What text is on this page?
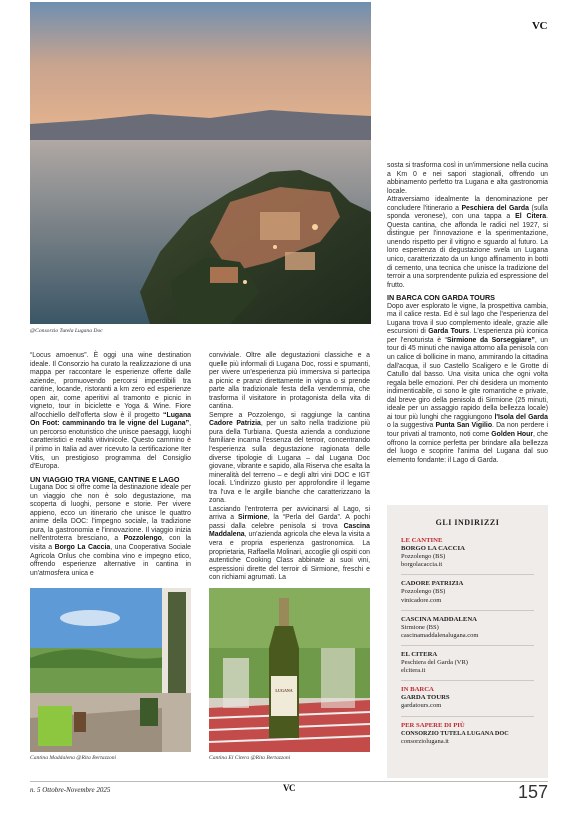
VC
@Consorzio Tutela Lugana Doc

sosta si trasforma così in un'immersione nella cucina a Km 0 e nei sapori stagionali, offrendo un abbinamento perfetto tra Lugana e alta gastronomia locale.

Attraversiamo idealmente la denominazione per concludere l'itinerario a Peschiera del Garda (sulla sponda veronese), con una tappa a El Citera. Questa cantina, che affonda le radici nel 1927, si distingue per l'innovazione e la sperimentazione, unendo rispetto per il vitigno e sguardo al futuro. La loro esperienza di degustazione svela un Lugana unico, caratterizzato da un lungo affinamento in botti di cemento, una tecnica che unisce la tradizione del terroir a una sorprendente pulizia ed espressione del frutto.

IN BARCA CON GARDA TOURS

Dopo aver esplorato le vigne, la prospettiva cambia, ma il calice resta. Ed è sul lago che l'esperienza del Lugana trova il suo complemento ideale, grazie alle escursioni di Garda Tours. L'esperienza più iconica per l'enoturista è “Sirmione da Sorseggiare”, un tour di 45 minuti che naviga attorno alla penisola con un calice di bollicine in mano, ammirando la cittadina dall'acqua, il suo Castello Scaligero e le Grotte di Catullo dal basso. Una visita unica che ogni volta regala belle emozioni. Per chi desidera un momento indimenticabile, ci sono le gite romantiche e private, dal breve giro della penisola di Sirmione (25 minuti, ideale per un assaggio rapido della bellezza locale) ai tour più lunghi che raggiungono l'Isola del Garda o la suggestiva Punta San Vigilio. Da non perdere i tour privati al tramonto, noti come Golden Hour, che offrono la cornice perfetta per brindare alla bellezza del luogo e scoprire l'anima del Lugana dal suo elemento fondante: il Lago di Garda.

“Locus amoenus”. È oggi una wine destination ideale. Il Consorzio ha curato la realizzazione di una mappa per raccontare le esperienze offerte dalle aziende, promuovendo percorsi imperdibili tra cantine, locande, ristoranti a km zero ed esperienze open air, come aperitivi al tramonto e picnic in vigneto, tour in biciclette e Yoga & Wine. Fiore all'occhiello dell'offerta slow è il progetto “Lugana On Foot: camminando tra le vigne del Lugana”, un percorso enoturistico che unisce paesaggi, luoghi caratteristici e realtà vitivinicole. Questo cammino è il primo in Italia ad aver ricevuto la certificazione Iter Vitis, un prestigioso programma del Consiglio d'Europa.

UN VIAGGIO TRA VIGNE, CANTINE E LAGO

Lugana Doc si offre come la destinazione ideale per un viaggio che non è solo degustazione, ma scoperta di luoghi, persone e storie. Per vivere appieno, ecco un itinerario che unisce le quattro anime della DOC: l'impegno sociale, la tradizione pura, la gastronomia e l'innovazione. Il viaggio inizia nell'entroterra bresciano, a Pozzolengo, con la visita a Borgo La Caccia, una Cooperativa Sociale Agricola Onlus che combina vino e impegno etico, offrendo esperienze alternative in cantina in un'atmosfera unica e

conviviale. Oltre alle degustazioni classiche e a quelle più informali di Lugana Doc, rossi e spumanti, per vivere un'esperienza più immersiva si partecipa a picnic e pranzi direttamente in vigna o si prende parte alla tradizionale festa della vendemmia, che trasforma il visitatore in protagonista della vita di cantina.

Sempre a Pozzolengo, si raggiunge la cantina Cadore Patrizia, per un salto nella tradizione più pura della Turbiana. Questa azienda a conduzione familiare incarna l'essenza del terroir, concentrando l'esperienza sulla degustazione ragionata delle diverse tipologie di Lugana – dal Lugana Doc giovane, vibrante e sapido, alla Riserva che esalta la mineralità del terreno – e degli altri vini DOC e IGT locali. L'indirizzo giusto per approfondire il legame tra l'uva e le argille bianche che caratterizzano la zona.

Lasciando l'entroterra per avvicinarsi al Lago, si arriva a Sirmione, la “Perla del Garda”. A pochi passi dalla celebre penisola si trova Cascina Maddalena, un'azienda agricola che eleva la visita a vera e propria esperienza gastronomica. La proprietaria, Raffaella Molinari, accoglie gli ospiti con autentiche Cooking Class abbinate ai suoi vini, espressioni dirette del terroir di Sirmione, freschi e con richiami agrumati. La

GLI INDIRIZZI
LE CANTINE
BORGO LA CACCIA
Pozzolengo (BS)
borgolacaccia.it
CADORE PATRIZIA
Pozzolengo (BS)
vinicadore.com
CASCINA MADDALENA
Sirmione (BS)
cascinamaddalenalugana.com
EL CITERA
Peschiera del Garda (VR)
elcitera.it
IN BARCA
GARDA TOURS
gardatours.com
PER SAPERE DI PIÙ
CONSORZIO TUTELA LUGANA DOC
consorziolugana.it
Cantina Maddalena @Rita Bertazzoni
LUGANA
Cantina El Citera @Rita Bertazzoni
n. 5 Ottobre-Novembre 2025	VC	157
